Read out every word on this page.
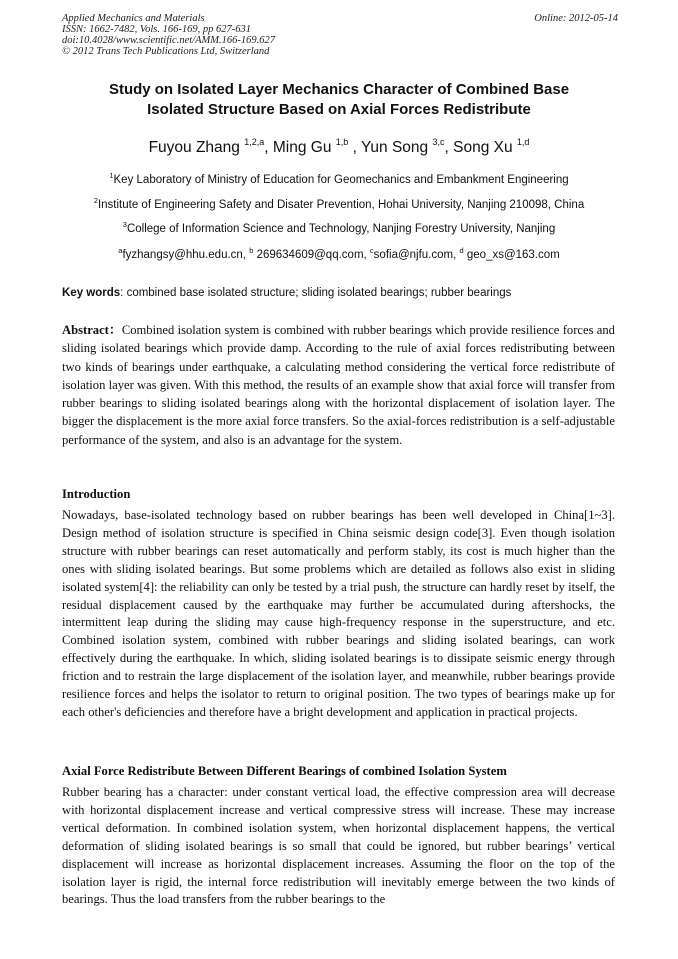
Applied Mechanics and Materials
ISSN: 1662-7482, Vols. 166-169, pp 627-631
doi:10.4028/www.scientific.net/AMM.166-169.627
© 2012 Trans Tech Publications Ltd, Switzerland
Online: 2012-05-14
Study on Isolated Layer Mechanics Character of Combined Base
Isolated Structure Based on Axial Forces Redistribute
Fuyou Zhang $^{1,2,a}$, Ming Gu $^{1,b}$ , Yun Song $^{3,c}$, Song Xu $^{1,d}$
$^1$Key Laboratory of Ministry of Education for Geomechanics and Embankment Engineering
$^2$Institute of Engineering Safety and Disater Prevention, Hohai University, Nanjing 210098, China
$^3$College of Information Science and Technology, Nanjing Forestry University, Nanjing
$^a$fyzhangsy@hhu.edu.cn, $^b$ 269634609@qq.com, $^c$sofia@njfu.com, $^d$ geo_xs@163.com
Key words: combined base isolated structure; sliding isolated bearings; rubber bearings

Abstract：Combined isolation system is combined with rubber bearings which provide resilience forces and sliding isolated bearings which provide damp. According to the rule of axial forces redistributing between two kinds of bearings under earthquake, a calculating method considering the vertical force redistribute of isolation layer was given. With this method, the results of an example show that axial force will transfer from rubber bearings to sliding isolated bearings along with the horizontal displacement of isolation layer. The bigger the displacement is the more axial force transfers. So the axial-forces redistribution is a self-adjustable performance of the system, and also is an advantage for the system.

Introduction

Nowadays, base-isolated technology based on rubber bearings has been well developed in China[1~3]. Design method of isolation structure is specified in China seismic design code[3]. Even though isolation structure with rubber bearings can reset automatically and perform stably, its cost is much higher than the ones with sliding isolated bearings. But some problems which are detailed as follows also exist in sliding isolated system[4]: the reliability can only be tested by a trial push, the structure can hardly reset by itself, the residual displacement caused by the earthquake may further be accumulated during aftershocks, the intermittent leap during the sliding may cause high-frequency response in the superstructure, and etc. Combined isolation system, combined with rubber bearings and sliding isolated bearings, can work effectively during the earthquake. In which, sliding isolated bearings is to dissipate seismic energy through friction and to restrain the large displacement of the isolation layer, and meanwhile, rubber bearings provide resilience forces and helps the isolator to return to original position. The two types of bearings make up for each other's deficiencies and therefore have a bright development and application in practical projects.

Axial Force Redistribute Between Different Bearings of combined Isolation System

Rubber bearing has a character: under constant vertical load, the effective compression area will decrease with horizontal displacement increase and vertical compressive stress will increase. These may increase vertical deformation. In combined isolation system, when horizontal displacement happens, the vertical deformation of sliding isolated bearings is so small that could be ignored, but rubber bearings’ vertical displacement will increase as horizontal displacement increases. Assuming the floor on the top of the isolation layer is rigid, the internal force redistribution will inevitably emerge between the two kinds of bearings. Thus the load transfers from the rubber bearings to the
